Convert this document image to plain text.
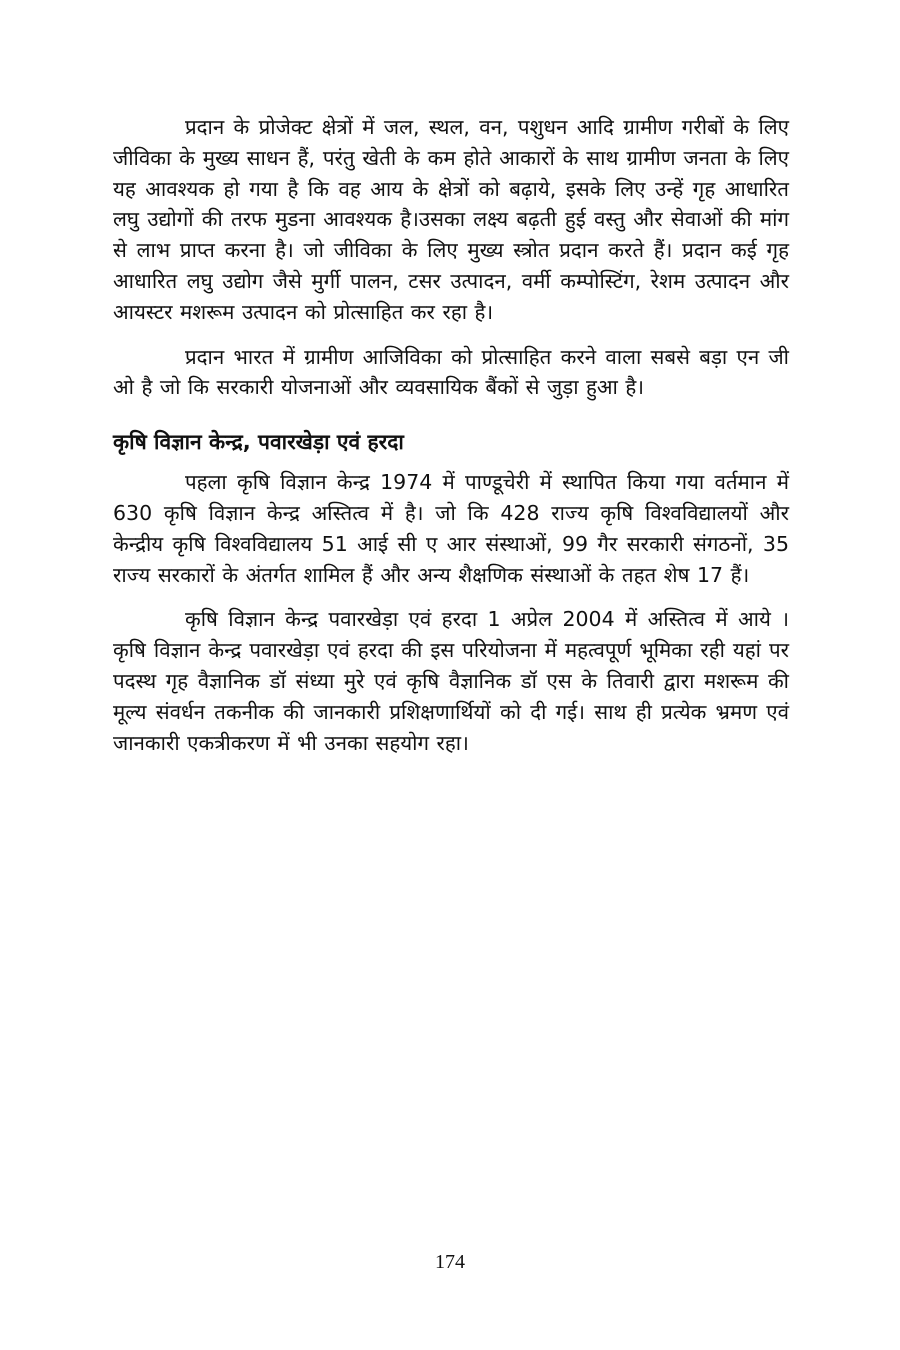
प्रदान के प्रोजेक्ट क्षेत्रों में जल, स्थल, वन, पशुधन आदि ग्रामीण गरीबों के लिए जीविका के मुख्य साधन हैं, परंतु खेती के कम होते आकारों के साथ ग्रामीण जनता के लिए यह आवश्यक हो गया है कि वह आय के क्षेत्रों को बढ़ाये, इसके लिए उन्हें गृह आधारित लघु उद्योगों की तरफ मुडना आवश्यक है।उसका लक्ष्य बढ़ती हुई वस्तु और सेवाओं की मांग से लाभ प्राप्त करना है। जो जीविका के लिए मुख्य स्त्रोत प्रदान करते हैं। प्रदान कई गृह आधारित लघु उद्योग जैसे मुर्गी पालन, टसर उत्पादन, वर्मी कम्पोस्टिंग, रेशम उत्पादन और आयस्टर मशरूम उत्पादन को प्रोत्साहित कर रहा है।

प्रदान भारत में ग्रामीण आजिविका को प्रोत्साहित करने वाला सबसे बड़ा एन जी ओ है जो कि सरकारी योजनाओं और व्यवसायिक बैंकों से जुड़ा हुआ है।

कृषि विज्ञान केन्द्र, पवारखेड़ा एवं हरदा

पहला कृषि विज्ञान केन्द्र 1974 में पाण्डूचेरी में स्थापित किया गया वर्तमान में 630 कृषि विज्ञान केन्द्र अस्तित्व में है। जो कि 428 राज्य कृषि विश्वविद्यालयों और केन्द्रीय कृषि विश्वविद्यालय 51 आई सी ए आर संस्थाओं, 99 गैर सरकारी संगठनों, 35 राज्य सरकारों के अंतर्गत शामिल हैं और अन्य शैक्षणिक संस्थाओं के तहत शेष 17 हैं।

कृषि विज्ञान केन्द्र पवारखेड़ा एवं हरदा 1 अप्रेल 2004 में अस्तित्व में आये । कृषि विज्ञान केन्द्र पवारखेड़ा एवं हरदा की इस परियोजना में महत्वपूर्ण भूमिका रही यहां पर पदस्थ गृह वैज्ञानिक डॉ संध्या मुरे एवं कृषि वैज्ञानिक डॉ एस के तिवारी द्वारा मशरूम की मूल्य संवर्धन तकनीक की जानकारी प्रशिक्षणार्थियों को दी गई। साथ ही प्रत्येक भ्रमण एवं जानकारी एकत्रीकरण में भी उनका सहयोग रहा।

174
